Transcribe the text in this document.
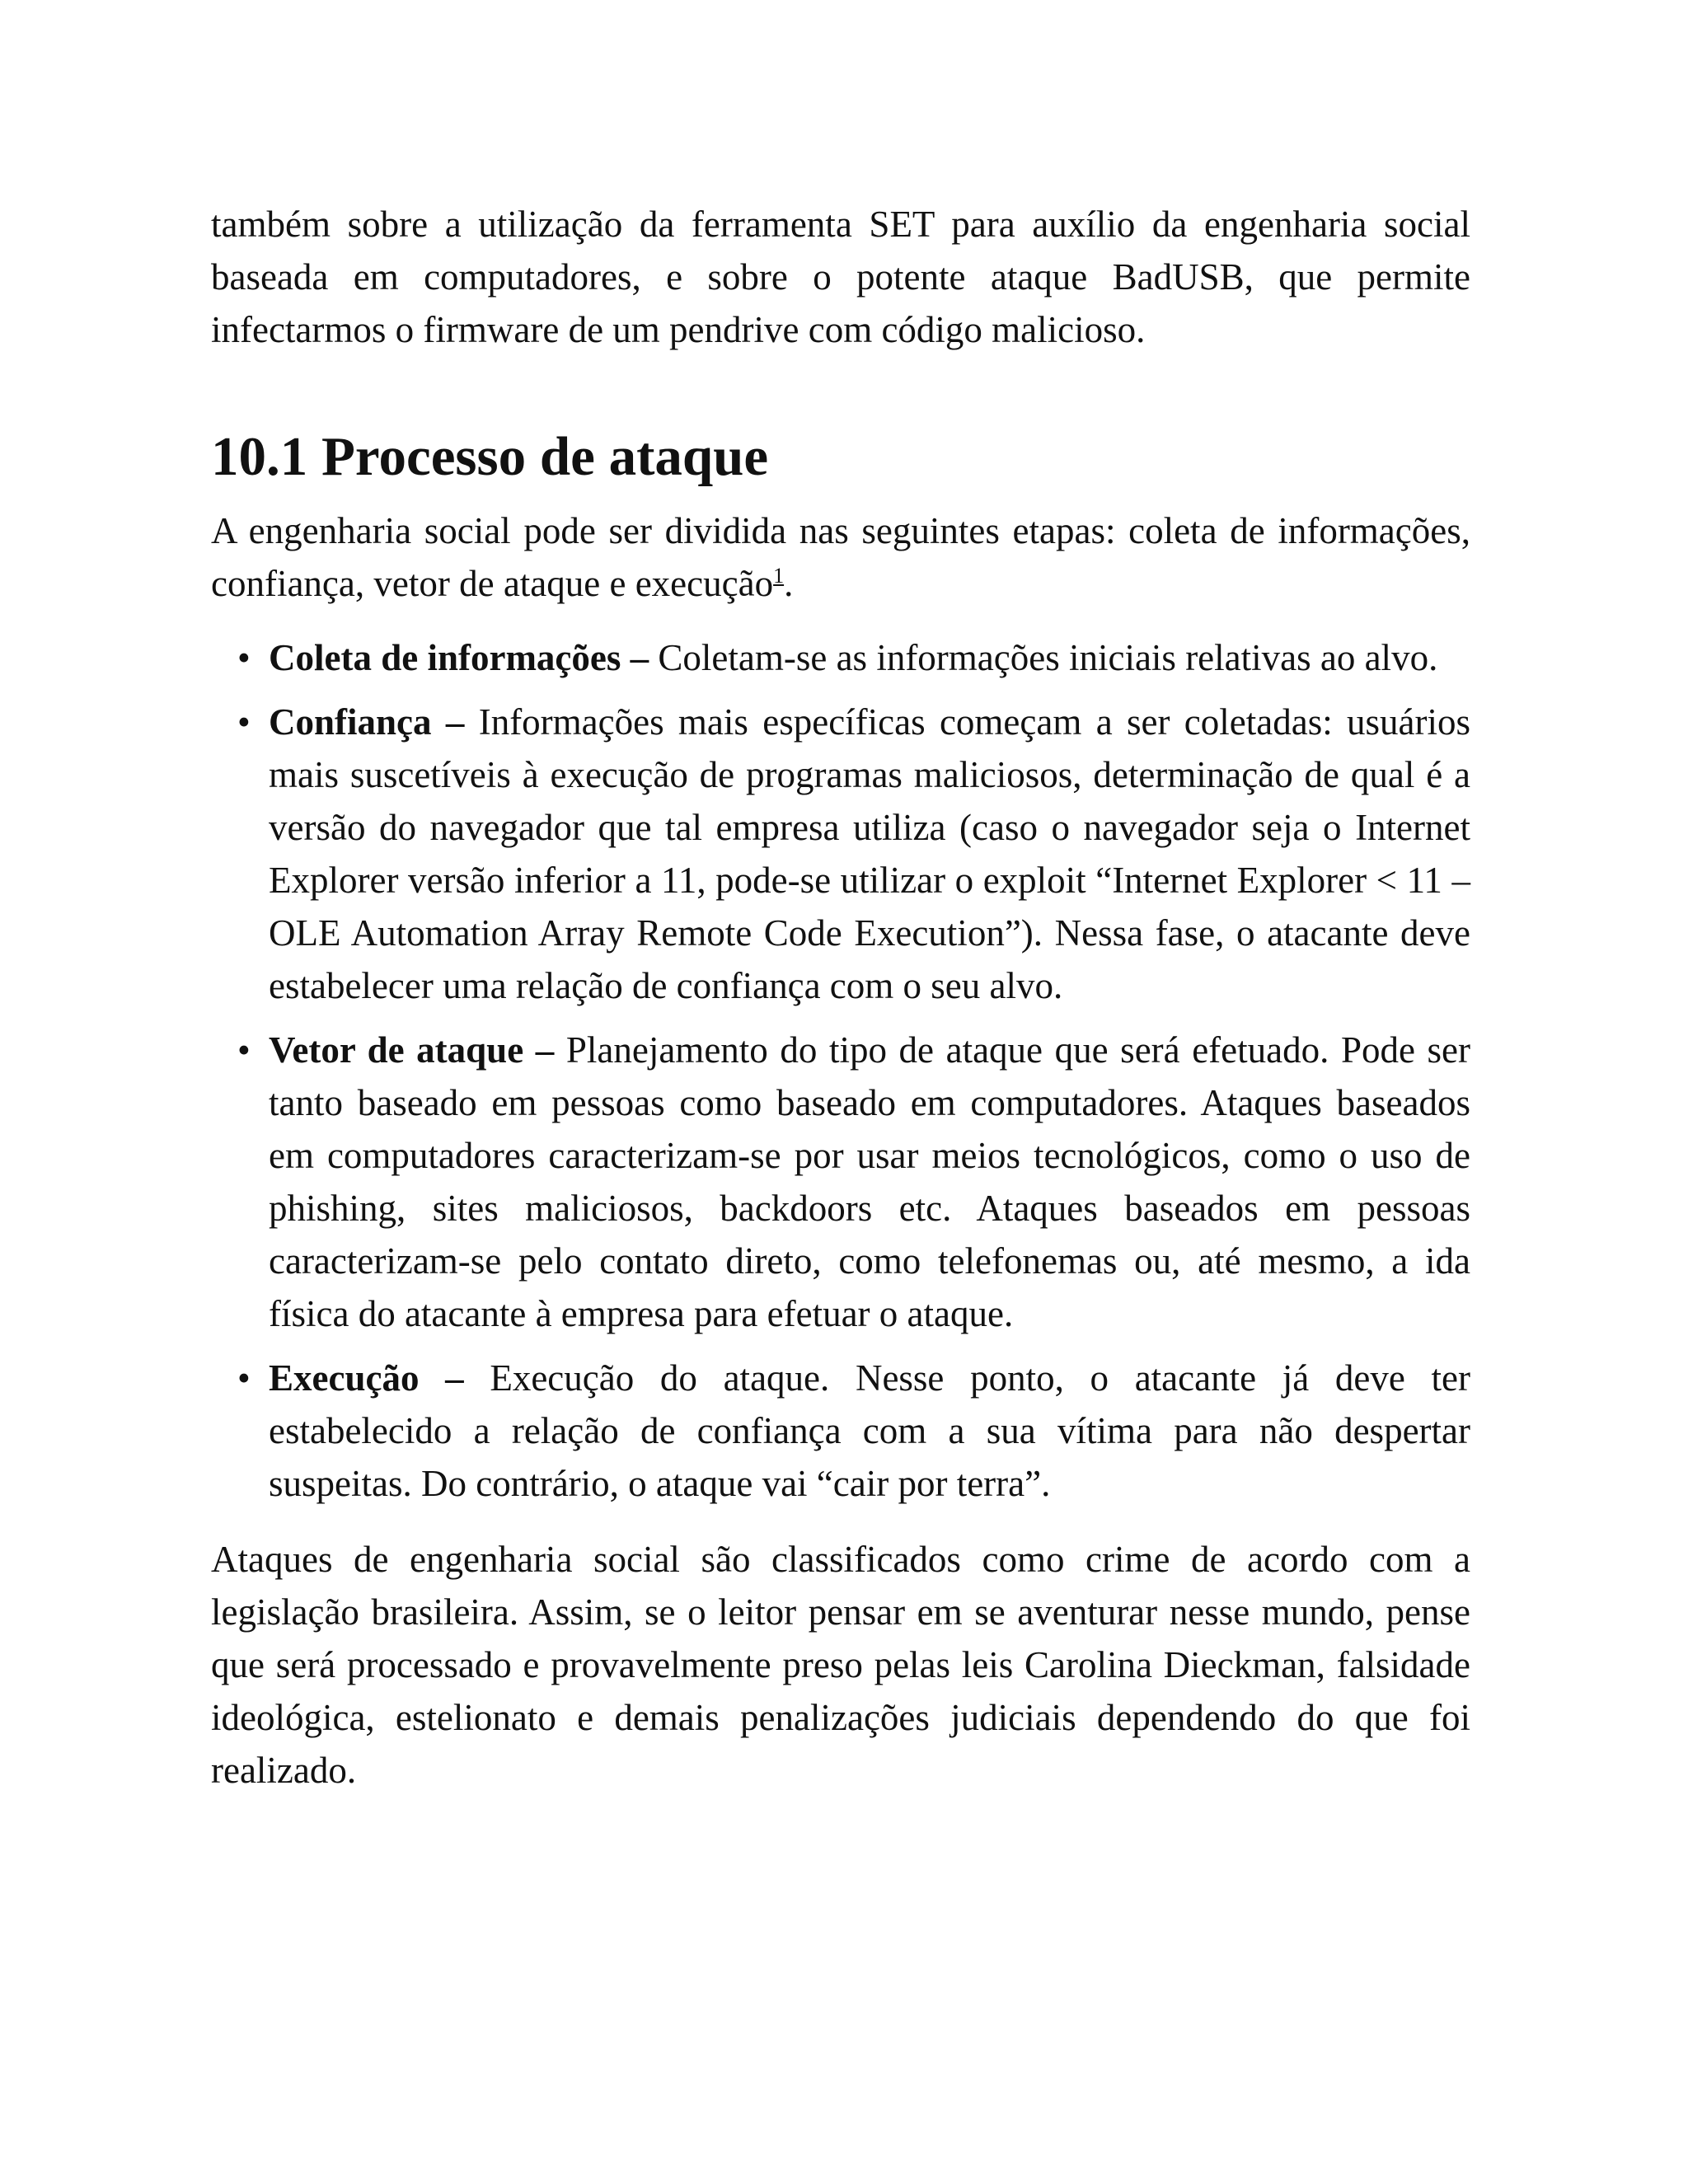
também sobre a utilização da ferramenta SET para auxílio da engenharia social baseada em computadores, e sobre o potente ataque BadUSB, que permite infectarmos o firmware de um pendrive com código malicioso.

10.1 Processo de ataque

A engenharia social pode ser dividida nas seguintes etapas: coleta de informações, confiança, vetor de ataque e execução$^1$.

• Coleta de informações – Coletam-se as informações iniciais relativas ao alvo.
• Confiança – Informações mais específicas começam a ser coletadas: usuários mais suscetíveis à execução de programas maliciosos, determinação de qual é a versão do navegador que tal empresa utiliza (caso o navegador seja o Internet Explorer versão inferior a 11, pode-se utilizar o exploit “Internet Explorer < 11 – OLE Automation Array Remote Code Execution”). Nessa fase, o atacante deve estabelecer uma relação de confiança com o seu alvo.
• Vetor de ataque – Planejamento do tipo de ataque que será efetuado. Pode ser tanto baseado em pessoas como baseado em computadores. Ataques baseados em computadores caracterizam-se por usar meios tecnológicos, como o uso de phishing, sites maliciosos, backdoors etc. Ataques baseados em pessoas caracterizam-se pelo contato direto, como telefonemas ou, até mesmo, a ida física do atacante à empresa para efetuar o ataque.
• Execução – Execução do ataque. Nesse ponto, o atacante já deve ter estabelecido a relação de confiança com a sua vítima para não despertar suspeitas. Do contrário, o ataque vai “cair por terra”.

Ataques de engenharia social são classificados como crime de acordo com a legislação brasileira. Assim, se o leitor pensar em se aventurar nesse mundo, pense que será processado e provavelmente preso pelas leis Carolina Dieckman, falsidade ideológica, estelionato e demais penalizações judiciais dependendo do que foi realizado.
